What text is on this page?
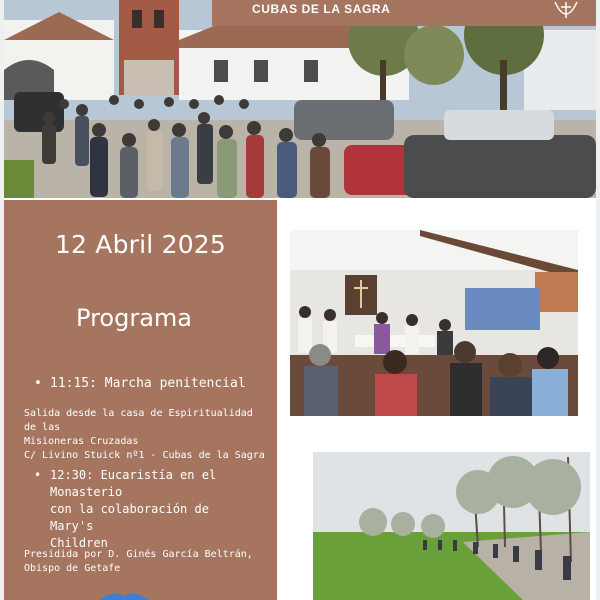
CUBAS DE LA SAGRA
12 Abril 2025
Programa
• 11:15: Marcha penitencial
Salida desde la casa de Espiritualidad de las
Misioneras Cruzadas
C/ Livino Stuick nº1 - Cubas de la Sagra
• 12:30: Eucaristía en el
Monasterio
con la colaboración de Mary's
Children
Presidida por D. Ginés García Beltrán,
Obispo de Getafe
